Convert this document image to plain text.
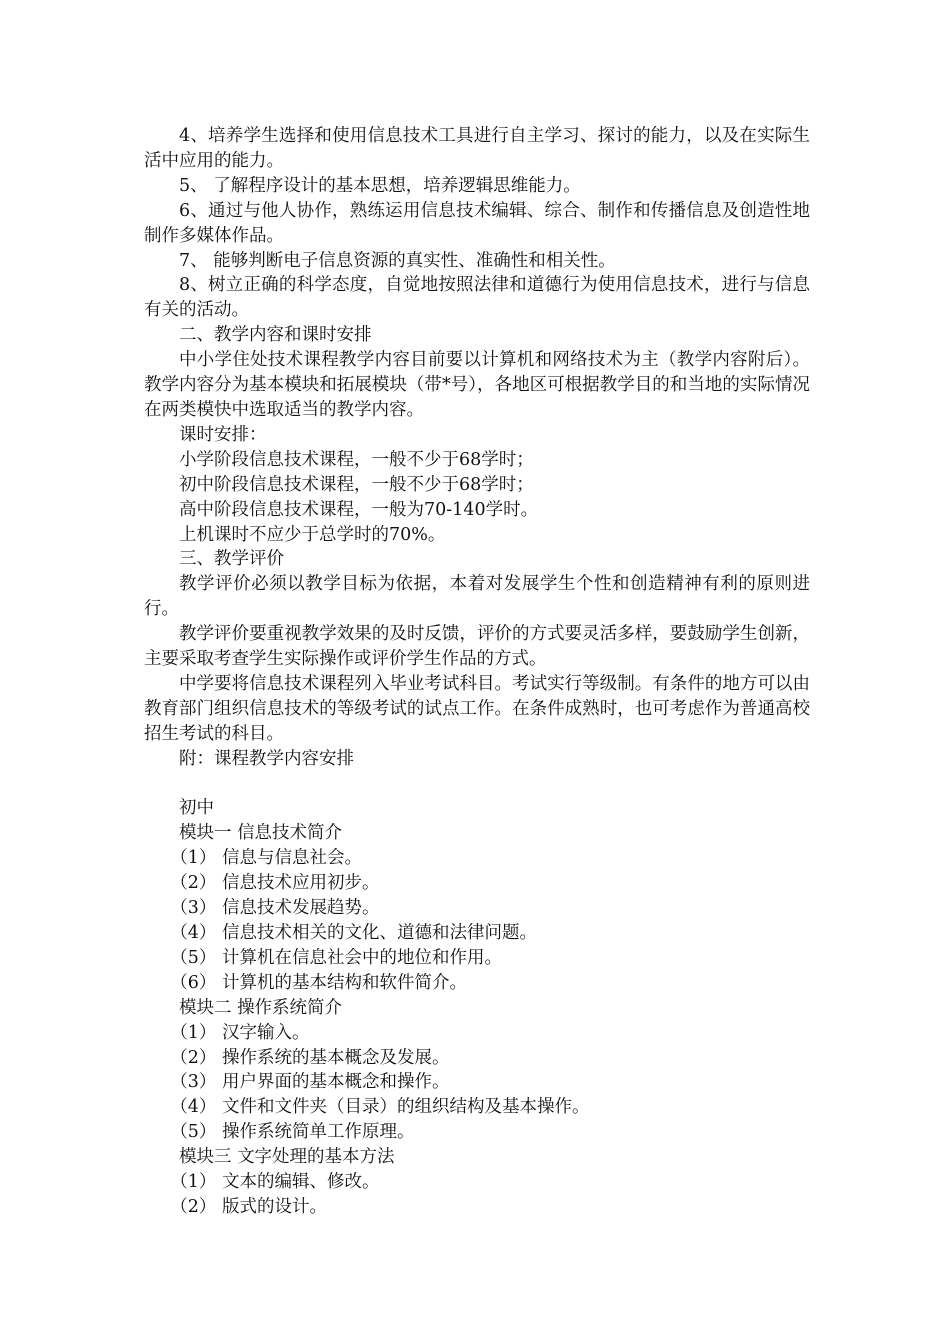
4、培养学生选择和使用信息技术工具进行自主学习、探讨的能力，以及在实际生活中应用的能力。
5、 了解程序设计的基本思想，培养逻辑思维能力。
6、通过与他人协作，熟练运用信息技术编辑、综合、制作和传播信息及创造性地制作多媒体作品。
7、 能够判断电子信息资源的真实性、准确性和相关性。
8、树立正确的科学态度，自觉地按照法律和道德行为使用信息技术，进行与信息有关的活动。
二、教学内容和课时安排
中小学住处技术课程教学内容目前要以计算机和网络技术为主（教学内容附后）。教学内容分为基本模块和拓展模块（带*号），各地区可根据教学目的和当地的实际情况在两类模快中选取适当的教学内容。
课时安排：
小学阶段信息技术课程，一般不少于68学时；
初中阶段信息技术课程，一般不少于68学时；
高中阶段信息技术课程，一般为70-140学时。
上机课时不应少于总学时的70%。
三、教学评价
教学评价必须以教学目标为依据，本着对发展学生个性和创造精神有利的原则进行。
教学评价要重视教学效果的及时反馈，评价的方式要灵活多样，要鼓励学生创新，主要采取考查学生实际操作或评价学生作品的方式。
中学要将信息技术课程列入毕业考试科目。考试实行等级制。有条件的地方可以由教育部门组织信息技术的等级考试的试点工作。在条件成熟时，也可考虑作为普通高校招生考试的科目。
附：课程教学内容安排
初中
模块一 信息技术简介
（1） 信息与信息社会。
（2） 信息技术应用初步。
（3） 信息技术发展趋势。
（4） 信息技术相关的文化、道德和法律问题。
（5） 计算机在信息社会中的地位和作用。
（6） 计算机的基本结构和软件简介。
模块二 操作系统简介
（1） 汉字输入。
（2） 操作系统的基本概念及发展。
（3） 用户界面的基本概念和操作。
（4） 文件和文件夹（目录）的组织结构及基本操作。
（5） 操作系统简单工作原理。
模块三 文字处理的基本方法
（1） 文本的编辑、修改。
（2） 版式的设计。
